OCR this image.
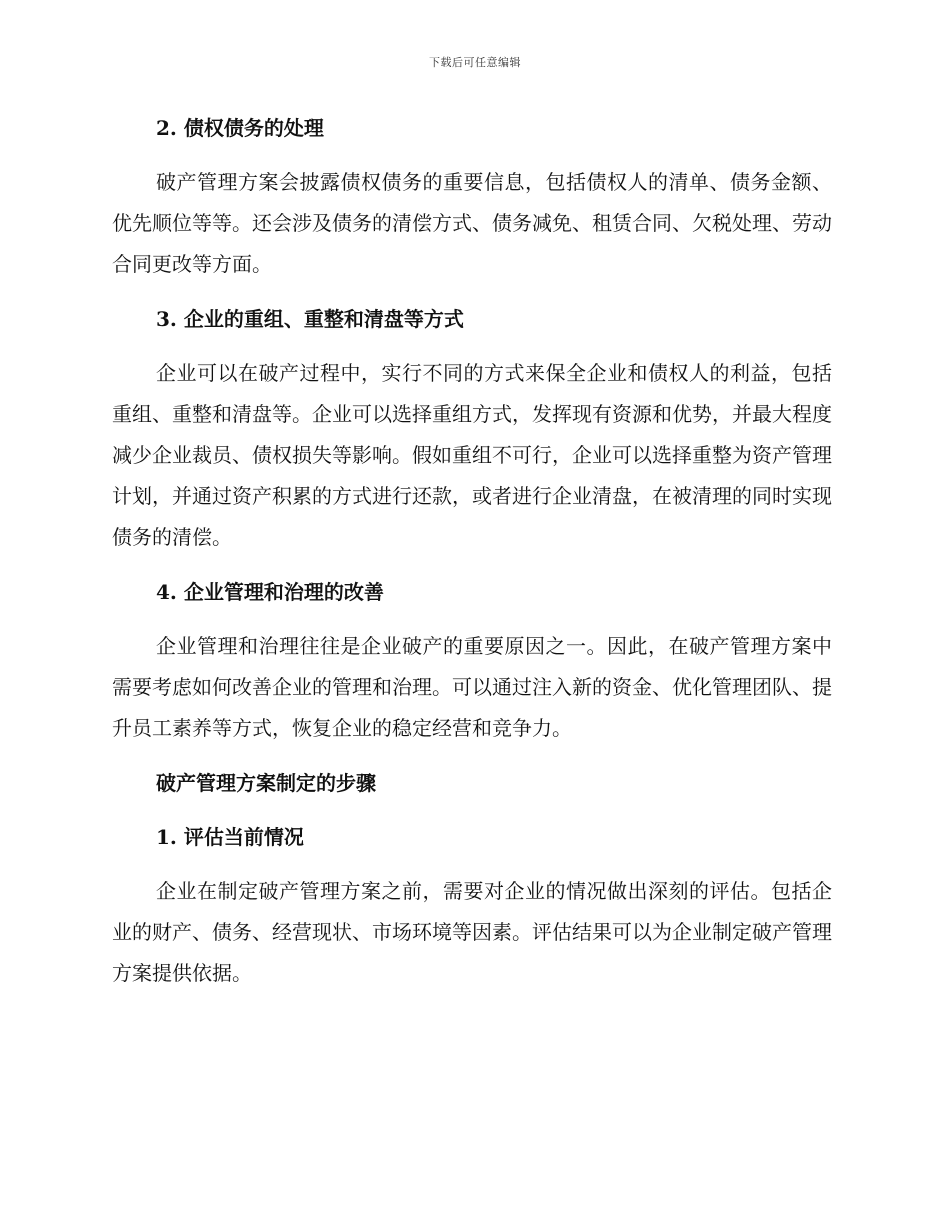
下载后可任意编辑
2. 债权债务的处理

破产管理方案会披露债权债务的重要信息，包括债权人的清单、债务金额、优先顺位等等。还会涉及债务的清偿方式、债务减免、租赁合同、欠税处理、劳动合同更改等方面。

3. 企业的重组、重整和清盘等方式

企业可以在破产过程中，实行不同的方式来保全企业和债权人的利益，包括重组、重整和清盘等。企业可以选择重组方式，发挥现有资源和优势，并最大程度减少企业裁员、债权损失等影响。假如重组不可行，企业可以选择重整为资产管理计划，并通过资产积累的方式进行还款，或者进行企业清盘，在被清理的同时实现债务的清偿。

4. 企业管理和治理的改善

企业管理和治理往往是企业破产的重要原因之一。因此，在破产管理方案中需要考虑如何改善企业的管理和治理。可以通过注入新的资金、优化管理团队、提升员工素养等方式，恢复企业的稳定经营和竞争力。

破产管理方案制定的步骤
1. 评估当前情况

企业在制定破产管理方案之前，需要对企业的情况做出深刻的评估。包括企业的财产、债务、经营现状、市场环境等因素。评估结果可以为企业制定破产管理方案提供依据。
